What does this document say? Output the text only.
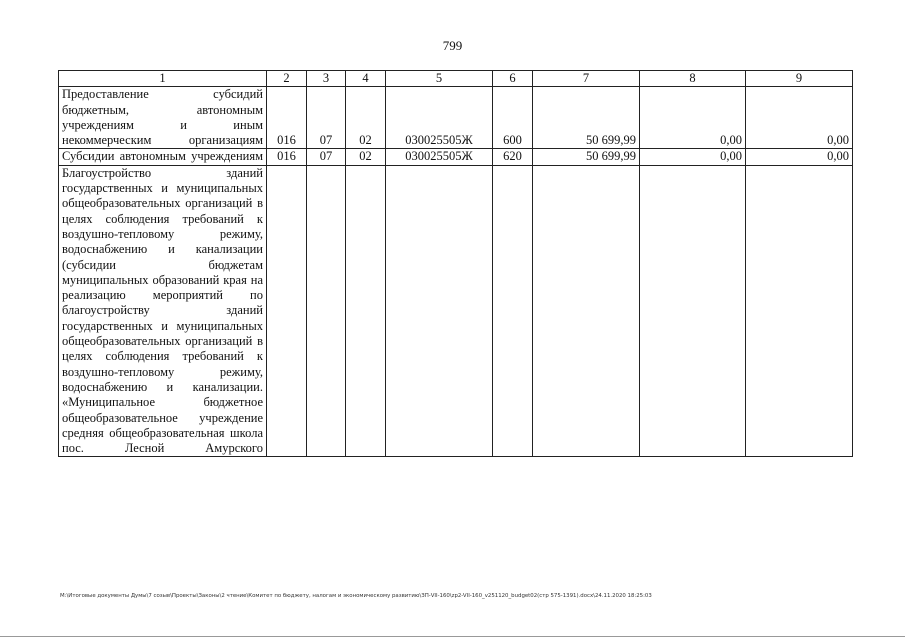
799
1	2	3	4	5	6	7	8	9
Предоставление субсидий бюджетным, автономным учреждениям и иным некоммерческим организациям	016	07	02	030025505Ж	600	50 699,99	0,00	0,00
Субсидии автономным учреждениям	016	07	02	030025505Ж	620	50 699,99	0,00	0,00
Благоустройство зданий государственных и муниципальных общеобразовательных организаций в целях соблюдения требований к воздушно-тепловому режиму, водоснабжению и канализации (субсидии бюджетам муниципальных образований края на реализацию мероприятий по благоустройству зданий государственных и муниципальных общеобразовательных организаций в целях соблюдения требований к воздушно-тепловому режиму, водоснабжению и канализации. «Муниципальное бюджетное общеобразовательное учреждение средняя общеобразовательная школа пос. Лесной Амурского								
M:\Итоговые документы Думы\7 созыв\Проекты\Законы\2 чтение\Комитет по бюджету, налогам и экономическому развитию\ЗП-VII-160\zp2-VII-160_v251120_budget02(стр 575-1391).docx\24.11.2020 18:25:03
